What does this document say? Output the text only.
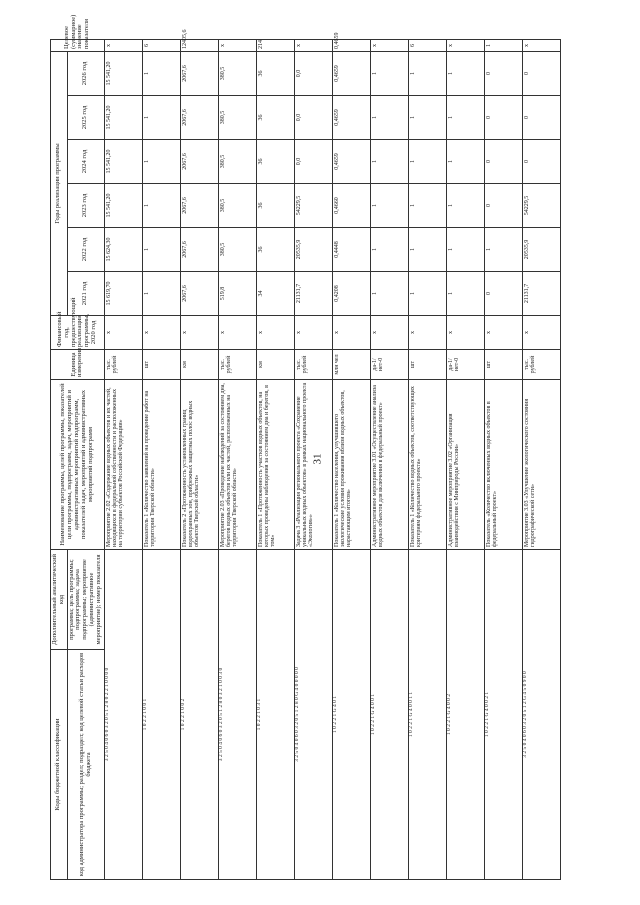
31
Коды бюджетной классификации	Дополнительный аналитический код	Наименование программы, целей программы, показателей цели программы, подпрограмм, задач, мероприятий и административных мероприятий подпрограмм, показателей задач, мероприятий и административных мероприятий подпрограмм	Единица измерения	Финансовый год, предшествующий реализации программы, 2020 год	Годы реализации программы						Целевое (суммарное) значение показателя
код администратора программы; раздел; подраздел; код целевой статьи расходов бюджета	программа; цель программы; подпрограмма; задача подпрограммы; мероприятие (административное мероприятие); номер показателя				2021 год	2022 год	2023 год	2024 год	2025 год	2026 год	
3 2 5 0 4 0 6 0 3 2 0 5 1 2 8 0 2 2 1 0 0 0 0		Мероприятие 2.02 «Содержание водных объектов и их частей, находящихся в федеральной собственности и расположенных на территории субъектов Российской Федерации»	тыс. рублей	x	15 619,70	15 624,30	15 541,20	15 541,20	15 541,20	15 541,20	x
1 0 2 2 1 0 0 1		Показатель 1 «Количество заявлений на проведение работ на территории Тверской области»	шт	x	1	1	1	1	1	1	6
1 0 2 2 1 0 0 2		Показатель 2 «Протяженность установленных границ водоохранных зон, прибрежных защитных полос водных объектов Тверской области»	км	x	2067,6	2067,6	2067,6	2067,6	2067,6	2067,6	12405,6
3 2 5 0 4 0 6 0 3 2 0 5 1 2 8 0 3 2 1 0 0 3 0		Мероприятие 2.03 «Проведение наблюдений за состоянием дна, берегов водных объектов или их частей, расположенных на территории Тверской области»	тыс. рублей	x	519,8	380,5	380,5	380,5	380,5	380,5	x
1 0 2 2 1 0 3 1		Показатель 1 «Протяженность участков водных объектов, на которых проведены наблюдения за состоянием дна и берегов, в том»	км	x	34	36	36	36	36	36	214
3 2 5 0 4 0 6 0 3 2 0 5 1 2 8 0 G 4 0 0 0 0 0		Задача 3 «Реализация регионального проекта «Сохранение уникальных водных объектов» в рамках национального проекта «Экология»»	тыс. рублей	x	21131,7	20535,9	54229,5	0,0	0,0	0,0	x
1 0 2 2 1 G 4 0 1		Показатель 1 «Количество населения, улучшившего экологические условия проживания вблизи водных объектов, нарастающим итогом»	млн чел	x	0,4208	0,4448	0,4660	0,4659	0,4659	0,4659	0,4659
1 0 2 2 1 G 4 0 0 1		Административное мероприятие 3.01 «Осуществление анализа водных объектов для включения в федеральный проект»	да-1/нет-0	x	1	1	1	1	1	1	x
1 0 2 2 1 G 4 0 0 1 1		Показатель 1 «Количество водных объектов, соответствующих критериям федерального проекта»	шт	x	1	1	1	1	1	1	6
1 0 2 2 1 G 4 0 0 2		Административное мероприятие 3.02 «Организация взаимодействия с Минприроды России»	да-1/нет-0	x	1	1	1	1	1	1	x
1 0 2 2 1 G 4 0 0 2 1		Показатель «Количество включенных водных объектов в федеральный проект»	шт	x	0	1	0	0	0	0	1
3 2 5 0 4 0 6 0 3 2 0 5 1 2 G 4 5 0 9 0 0		Мероприятие 3.03 «Улучшение экологического состояния гидрографической сети»	тыс. рублей	x	21131,7	20535,9	54229,5	0	0	0	x
